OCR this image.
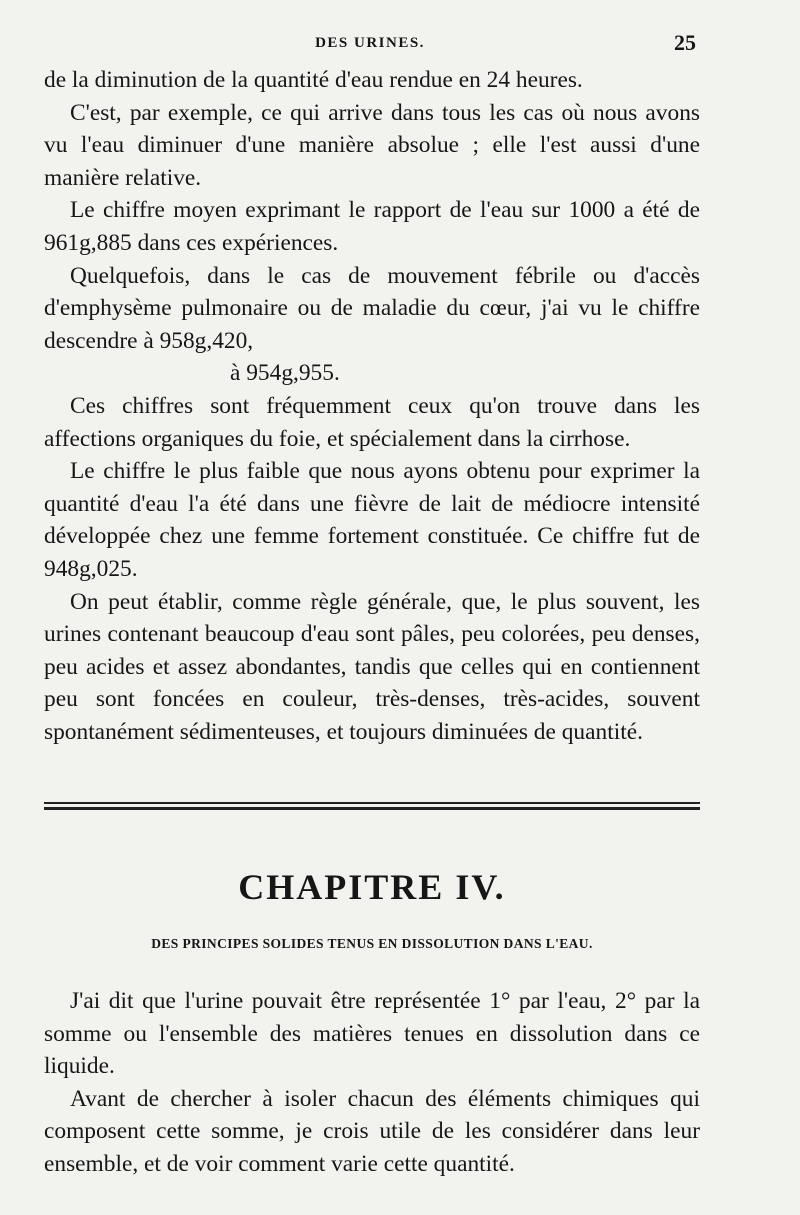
DES URINES.	25

de la diminution de la quantité d'eau rendue en 24 heures.

C'est, par exemple, ce qui arrive dans tous les cas où nous avons vu l'eau diminuer d'une manière absolue ; elle l'est aussi d'une manière relative.

Le chiffre moyen exprimant le rapport de l'eau sur 1000 a été de 961g,885 dans ces expériences.

Quelquefois, dans le cas de mouvement fébrile ou d'accès d'emphysème pulmonaire ou de maladie du cœur, j'ai vu le chiffre descendre à 958g,420,

à 954g,955.

Ces chiffres sont fréquemment ceux qu'on trouve dans les affections organiques du foie, et spécialement dans la cirrhose.

Le chiffre le plus faible que nous ayons obtenu pour exprimer la quantité d'eau l'a été dans une fièvre de lait de médiocre intensité développée chez une femme fortement constituée. Ce chiffre fut de 948g,025.

On peut établir, comme règle générale, que, le plus souvent, les urines contenant beaucoup d'eau sont pâles, peu colorées, peu denses, peu acides et assez abondantes, tandis que celles qui en contiennent peu sont foncées en couleur, très-denses, très-acides, souvent spontanément sédimenteuses, et toujours diminuées de quantité.

CHAPITRE IV.
DES PRINCIPES SOLIDES TENUS EN DISSOLUTION DANS L'EAU.

J'ai dit que l'urine pouvait être représentée 1° par l'eau, 2° par la somme ou l'ensemble des matières tenues en dissolution dans ce liquide.

Avant de chercher à isoler chacun des éléments chimiques qui composent cette somme, je crois utile de les considérer dans leur ensemble, et de voir comment varie cette quantité.
